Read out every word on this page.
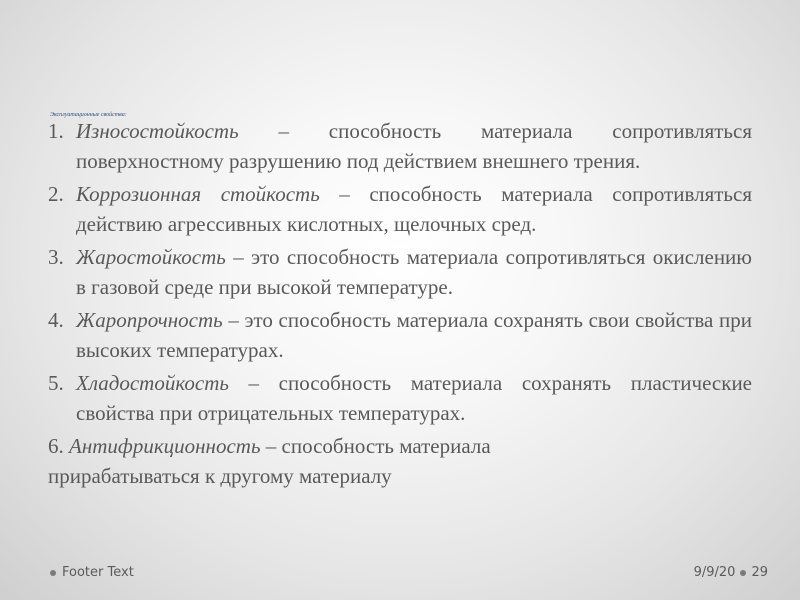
Эксплуатационные свойства:
1. Износостойкость – способность материала сопротивляться поверхностному разрушению под действием внешнего трения.
2. Коррозионная стойкость – способность материала сопротивляться действию агрессивных кислотных, щелочных сред.
3. Жаростойкость – это способность материала сопротивляться окислению в газовой среде при высокой температуре.
4. Жаропрочность – это способность материала сохранять свои свойства при высоких температурах.
5. Хладостойкость – способность материала сохранять пластические свойства при отрицательных температурах.
6. Антифрикционность – способность материала прирабатываться к другому материалу
Footer Text	9/9/20 29
